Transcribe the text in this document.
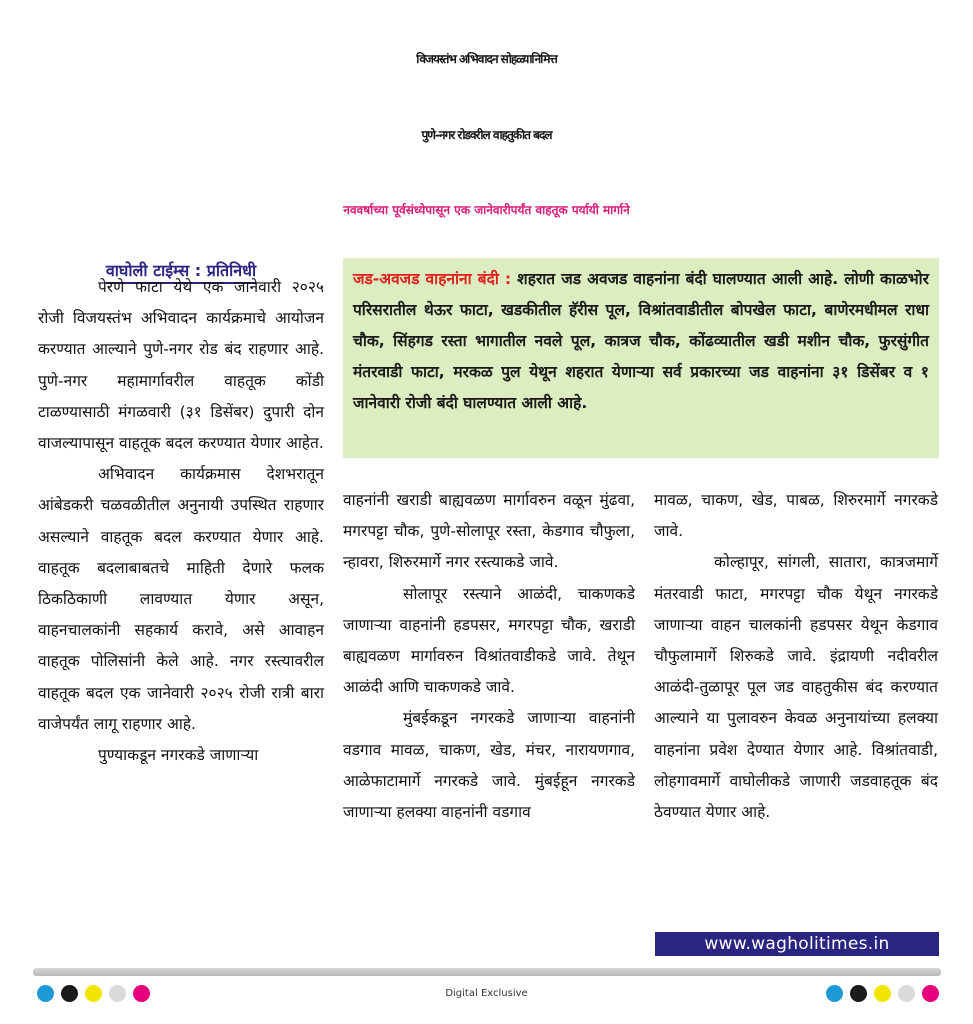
विजयस्तंभ अभिवादन सोहळ्यानिमित्त
पुणे-नगर रोडवरील वाहतुकीत बदल
नववर्षाच्या पूर्वसंध्येपासून एक जानेवारीपर्यंत वाहतूक पर्यायी मार्गाने
वाघोली टाईम्स : प्रतिनिधी

पेरणे फाटा येथे एक जानेवारी २०२५ रोजी विजयस्तंभ अभिवादन कार्यक्रमाचे आयोजन करण्यात आल्याने पुणे-नगर रोड बंद राहणार आहे. पुणे-नगर महामार्गावरील वाहतूक कोंडी टाळण्यासाठी मंगळवारी (३१ डिसेंबर) दुपारी दोन वाजल्यापासून वाहतूक बदल करण्यात येणार आहेत.

अभिवादन कार्यक्रमास देशभरातून आंबेडकरी चळवळीतील अनुनायी उपस्थित राहणार असल्याने वाहतूक बदल करण्यात येणार आहे. वाहतूक बदलाबाबतचे माहिती देणारे फलक ठिकठिकाणी लावण्यात येणार असून, वाहनचालकांनी सहकार्य करावे, असे आवाहन वाहतूक पोलिसांनी केले आहे. नगर रस्त्यावरील वाहतूक बदल एक जानेवारी २०२५ रोजी रात्री बारा वाजेपर्यंत लागू राहणार आहे.

पुण्याकडून नगरकडे जाणाऱ्या

जड-अवजड वाहनांना बंदी : शहरात जड अवजड वाहनांना बंदी घालण्यात आली आहे. लोणी काळभोर परिसरातील थेऊर फाटा, खडकीतील हॅरीस पूल, विश्रांतवाडीतील बोपखेल फाटा, बाणेरमधीमल राधा चौक, सिंहगड रस्ता भागातील नवले पूल, कात्रज चौक, कोंढव्यातील खडी मशीन चौक, फुरसुंगीत मंतरवाडी फाटा, मरकळ पुल येथून शहरात येणाऱ्या सर्व प्रकारच्या जड वाहनांना ३१ डिसेंबर व १ जानेवारी रोजी बंदी घालण्यात आली आहे.

वाहनांनी खराडी बाह्यवळण मार्गावरुन वळून मुंढवा, मगरपट्टा चौक, पुणे-सोलापूर रस्ता, केडगाव चौफुला, न्हावरा, शिरुरमार्गे नगर रस्त्याकडे जावे.

सोलापूर रस्त्याने आळंदी, चाकणकडे जाणाऱ्या वाहनांनी हडपसर, मगरपट्टा चौक, खराडी बाह्यवळण मार्गावरुन विश्रांतवाडीकडे जावे. तेथून आळंदी आणि चाकणकडे जावे.

मुंबईकडून नगरकडे जाणाऱ्या वाहनांनी वडगाव मावळ, चाकण, खेड, मंचर, नारायणगाव, आळेफाटामार्गे नगरकडे जावे. मुंबईहून नगरकडे जाणाऱ्या हलक्या वाहनांनी वडगाव

मावळ, चाकण, खेड, पाबळ, शिरुरमार्गे नगरकडे जावे.

कोल्हापूर, सांगली, सातारा, कात्रजमार्गे मंतरवाडी फाटा, मगरपट्टा चौक येथून नगरकडे जाणाऱ्या वाहन चालकांनी हडपसर येथून केडगाव चौफुलामार्गे शिरुकडे जावे. इंद्रायणी नदीवरील आळंदी-तुळापूर पूल जड वाहतुकीस बंद करण्यात आल्याने या पुलावरुन केवळ अनुनायांच्या हलक्या वाहनांना प्रवेश देण्यात येणार आहे. विश्रांतवाडी, लोहगावमार्गे वाघोलीकडे जाणारी जडवाहतूक बंद ठेवण्यात येणार आहे.

www.wagholitimes.in
Digital Exclusive
